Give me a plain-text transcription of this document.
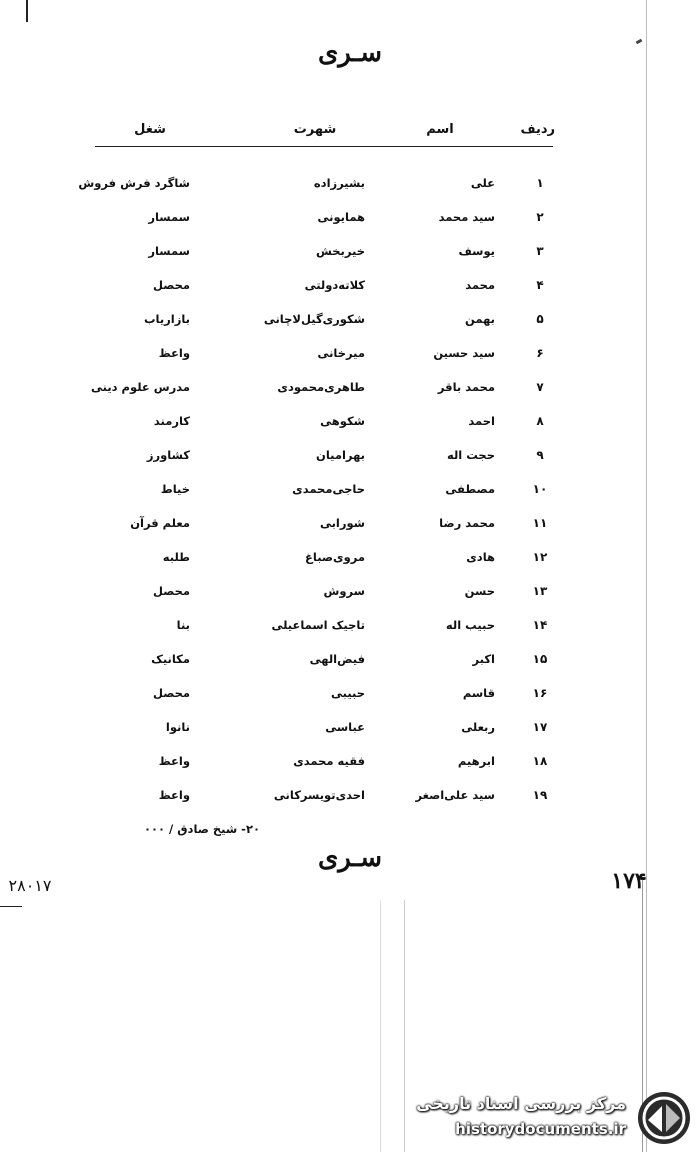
سـری
ردیف
اسم
شهرت
شغل
۱
علی
بشیرزاده
شاگرد فرش فروش
۲
سید محمد
همایونی
سمسار
۳
یوسف
خیربخش
سمسار
۴
محمد
کلاته‌دولتی
محصل
۵
بهمن
شکوری‌گیل‌لاچانی
بازاریاب
۶
سید حسین
میرخانی
واعظ
۷
محمد باقر
طاهری‌محمودی
مدرس علوم دینی
۸
احمد
شکوهی
کارمند
۹
حجت اله
بهرامیان
کشاورز
۱۰
مصطفی
حاجی‌محمدی
خیاط
۱۱
محمد رضا
شورابی
معلم قرآن
۱۲
هادی
مروی‌صباغ
طلبه
۱۳
حسن
سروش
محصل
۱۴
حبیب اله
تاجیک اسماعیلی
بنا
۱۵
اکبر
فیض‌الهی
مکانیک
۱۶
قاسم
حبیبی
محصل
۱۷
ربعلی
عباسی
نانوا
۱۸
ابرهیم
فقیه محمدی
واعظ
۱۹
سید علی‌اصغر
احدی‌تویسرکانی
واعظ
۲۰- شیخ صادق / ۰۰۰
سـری
۱۷۴
۲۸۰۱۷
مرکز بررسی اسناد تاریخی
historydocuments.ir
